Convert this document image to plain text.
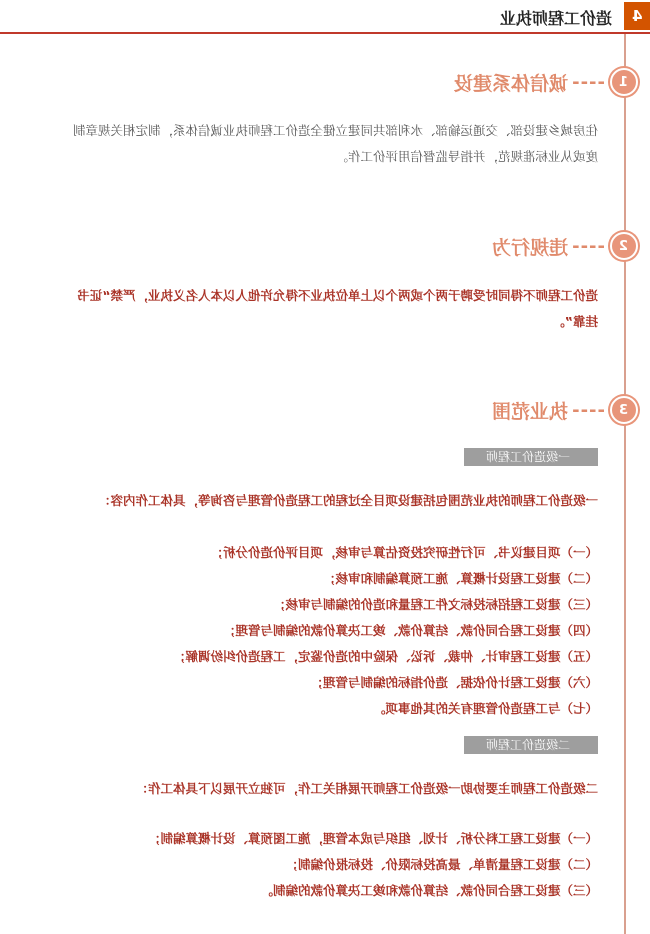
造价工程师执业 4
诚信体系建设 ---- 1
住房城乡建设部、交通运输部、水利部共同建立健全造价工程师执业诚信体系，制定相关规章制度或从业标准规范，并指导监督信用评价工作。
违规行为 ---- 2
造价工程师不得同时受聘于两个或两个以上单位执业不得允许他人以本人名义执业，严禁“证书挂靠”。
执业范围 ---- 3
一级造价工程师
一级造价工程师的执业范围包括建设项目全过程的工程造价管理与咨询等，具体工作内容：
（一）项目建议书、可行性研究投资估算与审核，项目评价造价分析；
（二）建设工程设计概算、施工预算编制和审核；
（三）建设工程招标投标文件工程量和造价的编制与审核；
（四）建设工程合同价款、结算价款、竣工决算价款的编制与管理；
（五）建设工程审计、仲裁、诉讼、保险中的造价鉴定，工程造价纠纷调解；
（六）建设工程计价依据、造价指标的编制与管理；
（七）与工程造价管理有关的其他事项。
二级造价工程师
二级造价工程师主要协助一级造价工程师开展相关工作，可独立开展以下具体工作：
（一）建设工程工料分析、计划、组织与成本管理，施工图预算、设计概算编制；
（二）建设工程量清单、最高投标限价、投标报价编制；
（三）建设工程合同价款、结算价款和竣工决算价款的编制。
